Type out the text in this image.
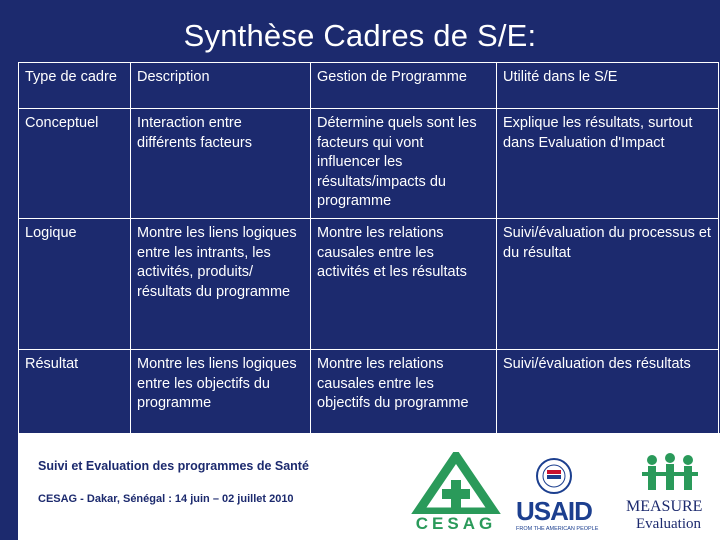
Synthèse Cadres de S/E:
Type de cadre	Description	Gestion de Programme	Utilité dans le S/E
Conceptuel	Interaction entre différents facteurs	Détermine quels sont les facteurs qui vont influencer les résultats/impacts du programme	Explique les résultats, surtout dans Evaluation d'Impact
Logique	Montre les liens logiques entre les intrants, les activités, produits/ résultats du programme	Montre les relations causales entre les activités et les résultats	Suivi/évaluation du processus et du résultat
Résultat	Montre les liens logiques entre les objectifs du programme	Montre les relations causales entre les objectifs du programme	Suivi/évaluation des résultats
Suivi et Evaluation des programmes de Santé
CESAG - Dakar, Sénégal : 14 juin – 02 juillet 2010
CESAG USAID
FROM THE AMERICAN PEOPLE
MEASURE
Evaluation
